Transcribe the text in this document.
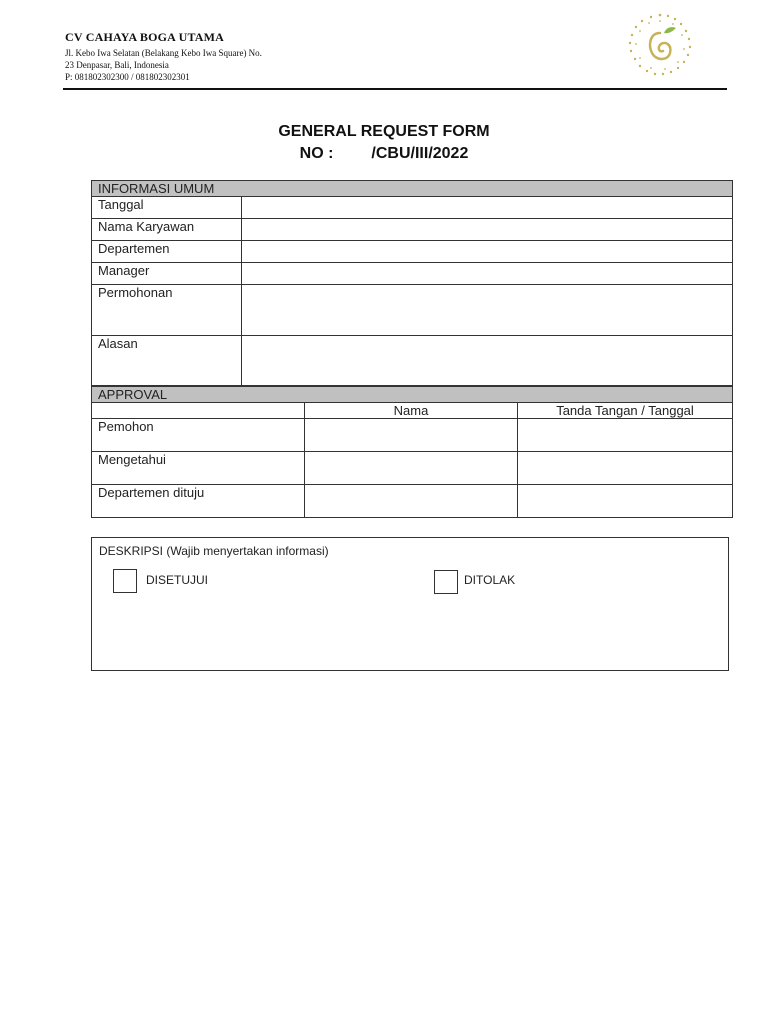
CV CAHAYA BOGA UTAMA
Jl. Kebo Iwa Selatan (Belakang Kebo Iwa Square) No.
23 Denpasar, Bali, Indonesia
P: 081802302300 / 081802302301
GENERAL REQUEST FORM
NO : /CBU/III/2022
INFORMASI UMUM	
Tanggal	
Nama Karyawan	
Departemen	
Manager	
Permohonan	
Alasan	
APPROVAL		
	Nama	Tanda Tangan / Tanggal
Pemohon		
Mengetahui		
Departemen dituju		
DESKRIPSI (Wajib menyertakan informasi)
DISETUJUI	DITOLAK
